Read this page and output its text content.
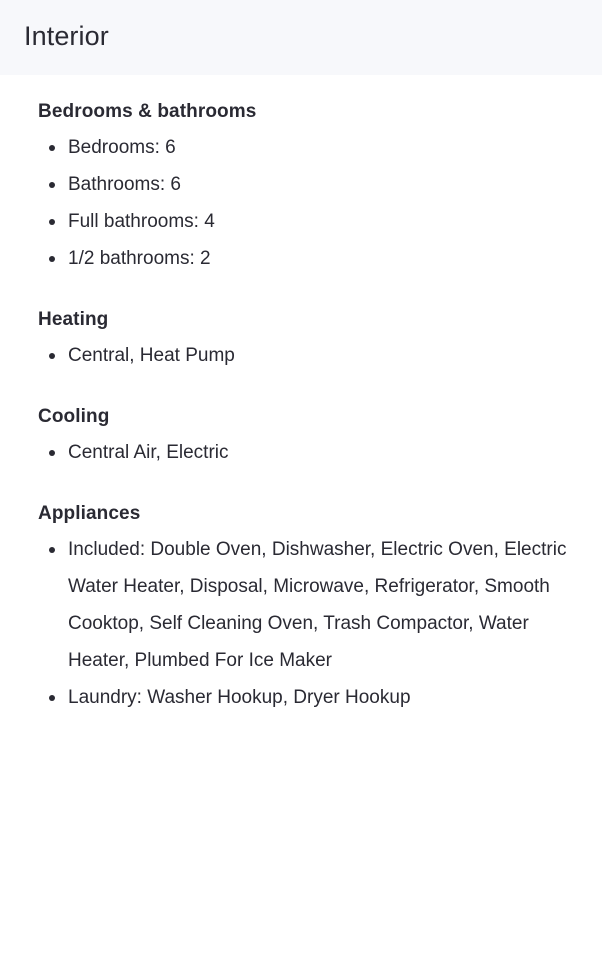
Interior
Bedrooms & bathrooms
Bedrooms: 6
Bathrooms: 6
Full bathrooms: 4
1/2 bathrooms: 2
Heating
Central, Heat Pump
Cooling
Central Air, Electric
Appliances
Included: Double Oven, Dishwasher, Electric Oven, Electric Water Heater, Disposal, Microwave, Refrigerator, Smooth Cooktop, Self Cleaning Oven, Trash Compactor, Water Heater, Plumbed For Ice Maker
Laundry: Washer Hookup, Dryer Hookup
